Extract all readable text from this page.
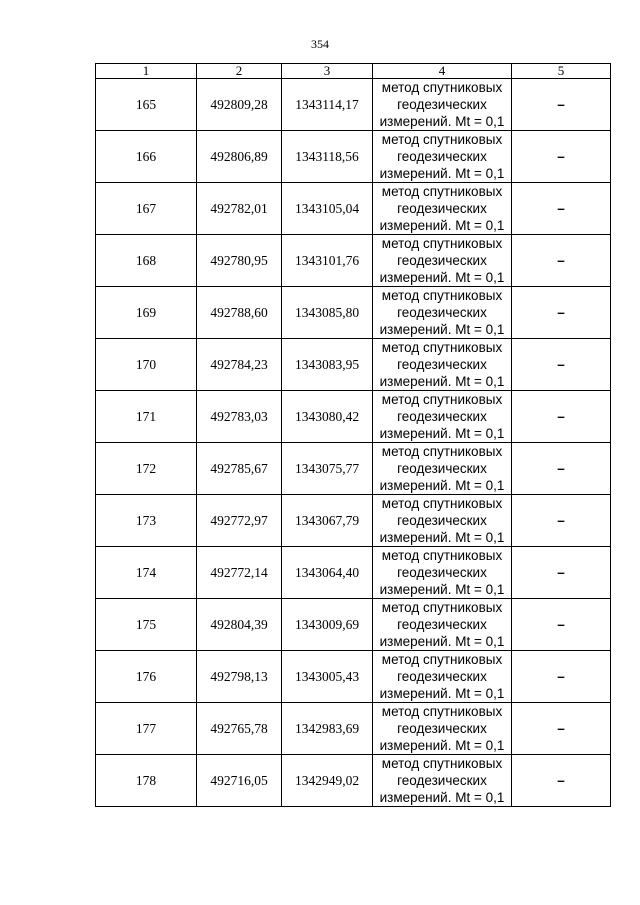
354
1	2	3	4	5
165	492809,28	1343114,17	метод спутниковых
геодезических
измерений. Mt = 0,1	–
166	492806,89	1343118,56	метод спутниковых
геодезических
измерений. Mt = 0,1	–
167	492782,01	1343105,04	метод спутниковых
геодезических
измерений. Mt = 0,1	–
168	492780,95	1343101,76	метод спутниковых
геодезических
измерений. Mt = 0,1	–
169	492788,60	1343085,80	метод спутниковых
геодезических
измерений. Mt = 0,1	–
170	492784,23	1343083,95	метод спутниковых
геодезических
измерений. Mt = 0,1	–
171	492783,03	1343080,42	метод спутниковых
геодезических
измерений. Mt = 0,1	–
172	492785,67	1343075,77	метод спутниковых
геодезических
измерений. Mt = 0,1	–
173	492772,97	1343067,79	метод спутниковых
геодезических
измерений. Mt = 0,1	–
174	492772,14	1343064,40	метод спутниковых
геодезических
измерений. Mt = 0,1	–
175	492804,39	1343009,69	метод спутниковых
геодезических
измерений. Mt = 0,1	–
176	492798,13	1343005,43	метод спутниковых
геодезических
измерений. Mt = 0,1	–
177	492765,78	1342983,69	метод спутниковых
геодезических
измерений. Mt = 0,1	–
178	492716,05	1342949,02	метод спутниковых
геодезических
измерений. Mt = 0,1	–
